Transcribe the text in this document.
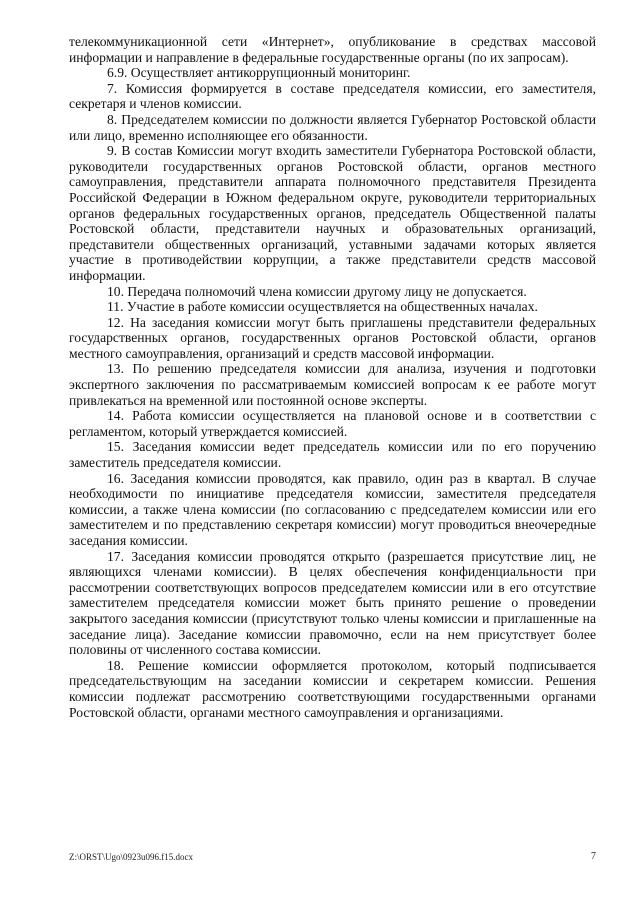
телекоммуникационной сети «Интернет», опубликование в средствах массовой информации и направление в федеральные государственные органы (по их запросам).

6.9. Осуществляет антикоррупционный мониторинг.

7. Комиссия формируется в составе председателя комиссии, его заместителя, секретаря и членов комиссии.

8. Председателем комиссии по должности является Губернатор Ростовской области или лицо, временно исполняющее его обязанности.

9. В состав Комиссии могут входить заместители Губернатора Ростовской области, руководители государственных органов Ростовской области, органов местного самоуправления, представители аппарата полномочного представителя Президента Российской Федерации в Южном федеральном округе, руководители территориальных органов федеральных государственных органов, председатель Общественной палаты Ростовской области, представители научных и образовательных организаций, представители общественных организаций, уставными задачами которых является участие в противодействии коррупции, а также представители средств массовой информации.

10. Передача полномочий члена комиссии другому лицу не допускается.

11. Участие в работе комиссии осуществляется на общественных началах.

12. На заседания комиссии могут быть приглашены представители федеральных государственных органов, государственных органов Ростовской области, органов местного самоуправления, организаций и средств массовой информации.

13. По решению председателя комиссии для анализа, изучения и подготовки экспертного заключения по рассматриваемым комиссией вопросам к ее работе могут привлекаться на временной или постоянной основе эксперты.

14. Работа комиссии осуществляется на плановой основе и в соответствии с регламентом, который утверждается комиссией.

15. Заседания комиссии ведет председатель комиссии или по его поручению заместитель председателя комиссии.

16. Заседания комиссии проводятся, как правило, один раз в квартал. В случае необходимости по инициативе председателя комиссии, заместителя председателя комиссии, а также члена комиссии (по согласованию с председателем комиссии или его заместителем и по представлению секретаря комиссии) могут проводиться внеочередные заседания комиссии.

17. Заседания комиссии проводятся открыто (разрешается присутствие лиц, не являющихся членами комиссии). В целях обеспечения конфиденциальности при рассмотрении соответствующих вопросов председателем комиссии или в его отсутствие заместителем председателя комиссии может быть принято решение о проведении закрытого заседания комиссии (присутствуют только члены комиссии и приглашенные на заседание лица). Заседание комиссии правомочно, если на нем присутствует более половины от численного состава комиссии.

18. Решение комиссии оформляется протоколом, который подписывается председательствующим на заседании комиссии и секретарем комиссии. Решения комиссии подлежат рассмотрению соответствующими государственными органами Ростовской области, органами местного самоуправления и организациями.

Z:\ORST\Ugo\0923u096.f15.docx	7
